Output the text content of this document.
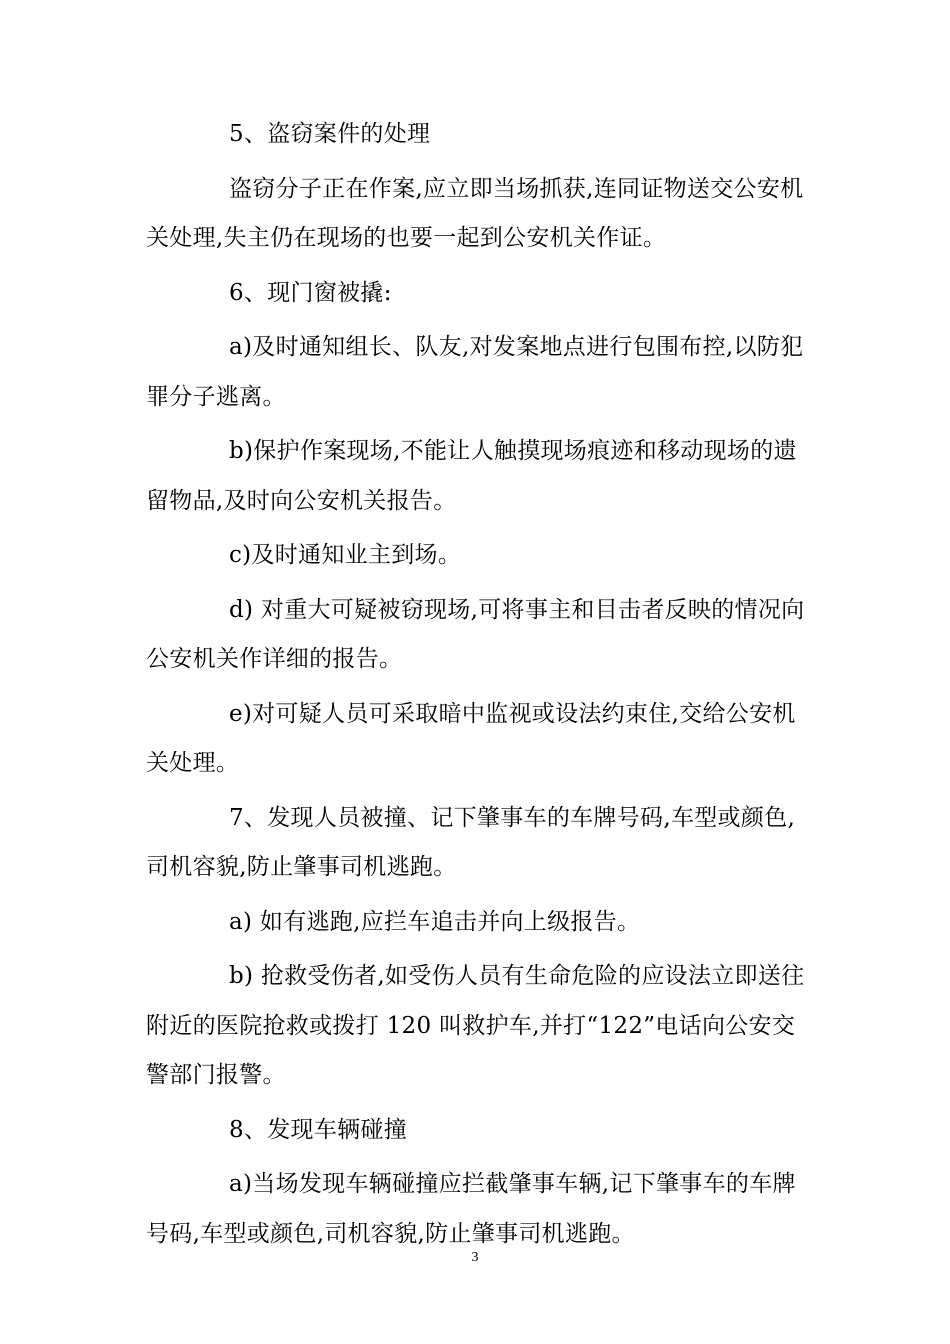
5、盗窃案件的处理

盗窃分子正在作案,应立即当场抓获,连同证物送交公安机关处理,失主仍在现场的也要一起到公安机关作证。

6、现门窗被撬:

a)及时通知组长、队友,对发案地点进行包围布控,以防犯罪分子逃离。

b)保护作案现场,不能让人触摸现场痕迹和移动现场的遗留物品,及时向公安机关报告。

c)及时通知业主到场。

d) 对重大可疑被窃现场,可将事主和目击者反映的情况向公安机关作详细的报告。

e)对可疑人员可采取暗中监视或设法约束住,交给公安机关处理。

7、发现人员被撞、记下肇事车的车牌号码,车型或颜色,司机容貌,防止肇事司机逃跑。

a) 如有逃跑,应拦车追击并向上级报告。

b) 抢救受伤者,如受伤人员有生命危险的应设法立即送往附近的医院抢救或拨打 120 叫救护车,并打“122”电话向公安交警部门报警。

8、发现车辆碰撞

a)当场发现车辆碰撞应拦截肇事车辆,记下肇事车的车牌号码,车型或颜色,司机容貌,防止肇事司机逃跑。

3
